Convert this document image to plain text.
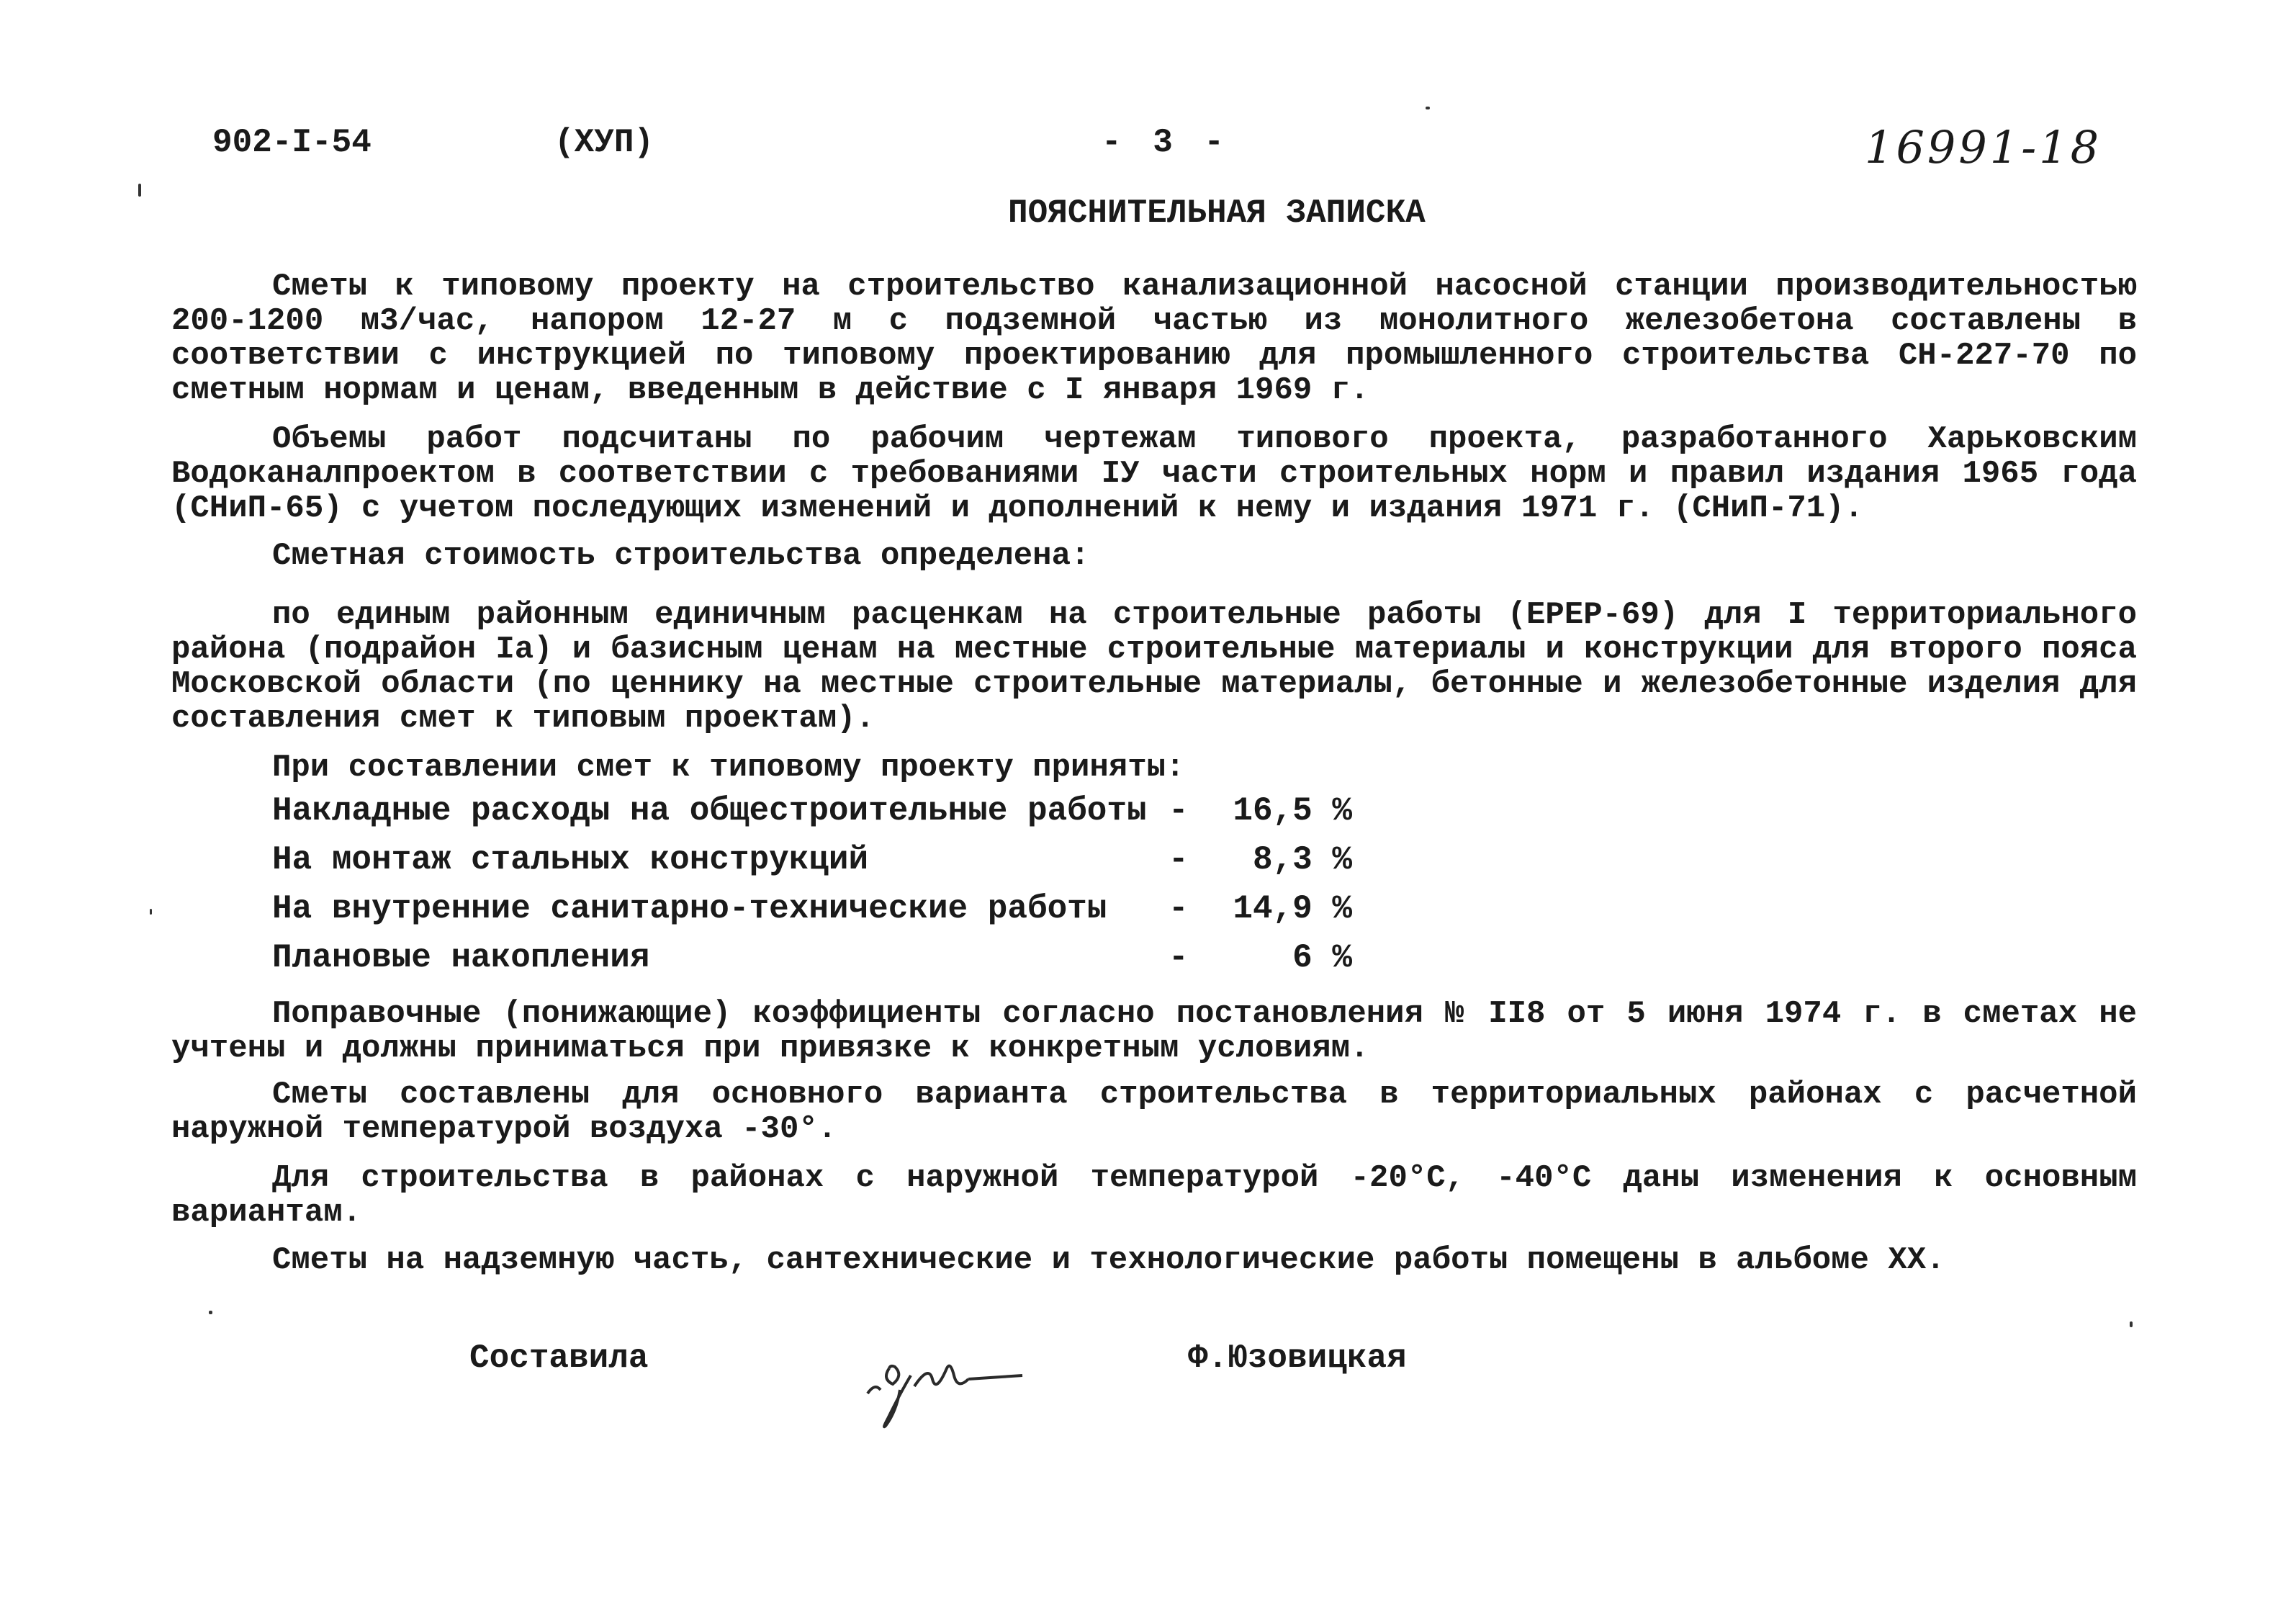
902-I-54	(ХУП)	- 3 -	16991-18
ПОЯСНИТЕЛЬНАЯ ЗАПИСКА

Сметы к типовому проекту на строительство канализационной насосной станции производительностью 200-1200 м3/час, напором 12-27 м с подземной частью из монолитного железобетона составлены в соответствии с инструкцией по типовому проектированию для промышленного строительства СН-227-70 по сметным нормам и ценам, введенным в действие с I января 1969 г.

Объемы работ подсчитаны по рабочим чертежам типового проекта, разработанного Харьковским Водоканалпроектом в соответствии с требованиями IУ части строительных норм и правил издания 1965 года (СНиП-65) с учетом последующих изменений и дополнений к нему и издания 1971 г. (СНиП-71).

Сметная стоимость строительства определена:

по единым районным единичным расценкам на строительные работы (ЕРЕР-69) для I территориального района (подрайон Iа) и базисным ценам на местные строительные материалы и конструкции для второго пояса Московской области (по ценнику на местные строительные материалы, бетонные и железобетонные изделия для составления смет к типовым проектам).

При составлении смет к типовому проекту приняты:

Накладные расходы на общестроительные работы -	16,5 %
На монтаж стальных конструкций	-	8,3 %
На внутренние санитарно-технические работы -	14,9 %
Плановые накопления	-	6 %

Поправочные (понижающие) коэффициенты согласно постановления № II8 от 5 июня 1974 г. в сметах не учтены и должны приниматься при привязке к конкретным условиям.

Сметы составлены для основного варианта строительства в территориальных районах с расчетной наружной температурой воздуха -30°.

Для строительства в районах с наружной температурой -20°С, -40°С даны изменения к основным вариантам.

Сметы на надземную часть, сантехнические и технологические работы помещены в альбоме XX.

Составила	Ф.Юзовицкая
